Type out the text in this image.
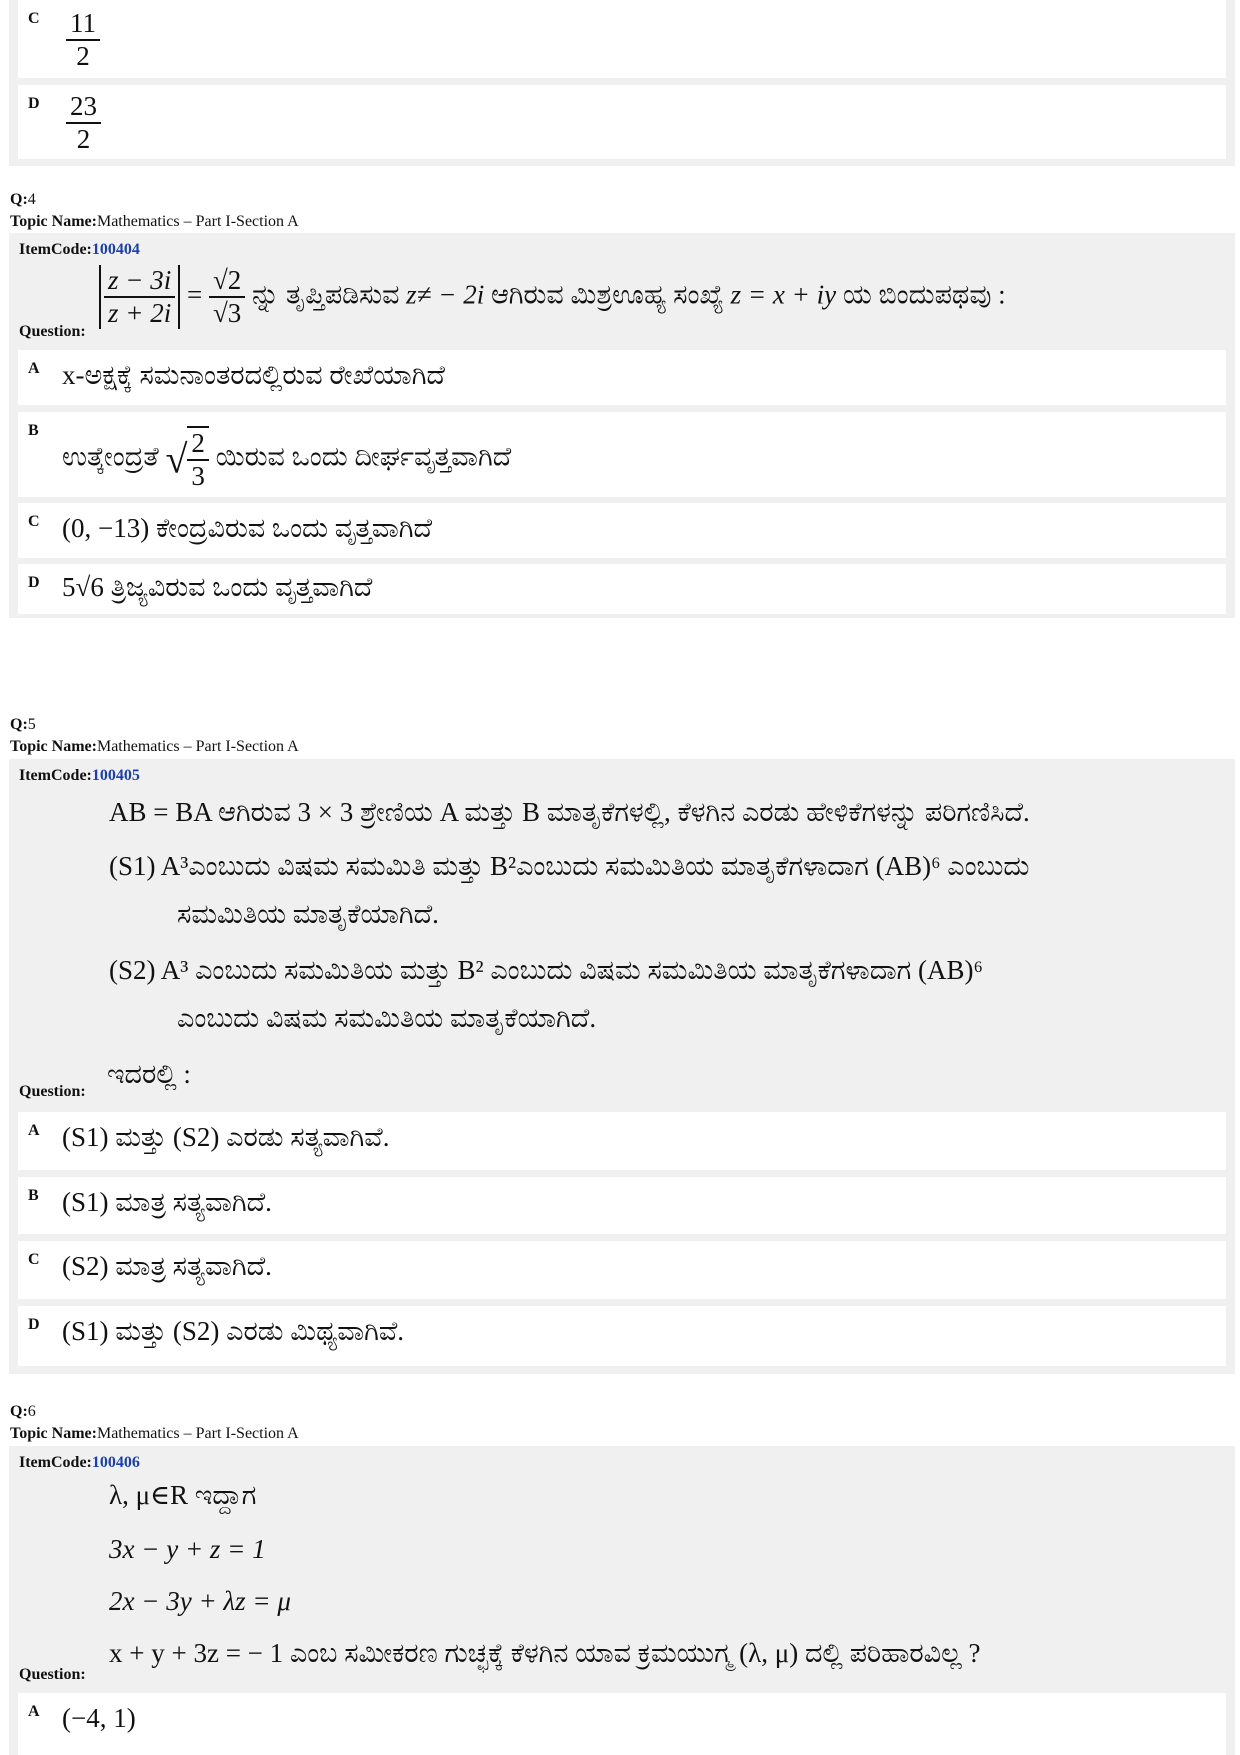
C $\frac{11}{2}$
D $\frac{23}{2}$
Q:4
Topic Name:Mathematics – Part I-Section A
ItemCode:100404
$\frac{z - 3i}{z + 2i} = \frac{√2}{√3}$ ನ್ನು ತೃಪ್ತಿಪಡಿಸುವ z≠ − 2i ಆಗಿರುವ ಮಿಶ್ರಊಹ್ಯ ಸಂಖ್ಯೆ z = x + iy ಯ ಬಿಂದುಪಥವು :
Question:
A x-ಅಕ್ಷಕ್ಕೆ ಸಮನಾಂತರದಲ್ಲಿರುವ ರೇಖೆಯಾಗಿದೆ
B
ಉತ್ಕೇಂದ್ರತೆ √ $\frac{2}{3}$ ಯಿರುವ ಒಂದು ದೀರ್ಘವೃತ್ತವಾಗಿದೆ
C (0, −13) ಕೇಂದ್ರವಿರುವ ಒಂದು ವೃತ್ತವಾಗಿದೆ
D 5√6 ತ್ರಿಜ್ಯವಿರುವ ಒಂದು ವೃತ್ತವಾಗಿದೆ
Q:5
Topic Name:Mathematics – Part I-Section A
ItemCode:100405
AB = BA ಆಗಿರುವ 3 × 3 ಶ್ರೇಣಿಯ A ಮತ್ತು B ಮಾತೃಕೆಗಳಲ್ಲಿ, ಕೆಳಗಿನ ಎರಡು ಹೇಳಿಕೆಗಳನ್ನು ಪರಿಗಣಿಸಿದೆ.
(S1) A³ಎಂಬುದು ವಿಷಮ ಸಮಮಿತಿ ಮತ್ತು B²ಎಂಬುದು ಸಮಮಿತಿಯ ಮಾತೃಕೆಗಳಾದಾಗ (AB)⁶ ಎಂಬುದು
ಸಮಮಿತಿಯ ಮಾತೃಕೆಯಾಗಿದೆ.
(S2) A³ ಎಂಬುದು ಸಮಮಿತಿಯ ಮತ್ತು B² ಎಂಬುದು ವಿಷಮ ಸಮಮಿತಿಯ ಮಾತೃಕೆಗಳಾದಾಗ (AB)⁶
ಎಂಬುದು ವಿಷಮ ಸಮಮಿತಿಯ ಮಾತೃಕೆಯಾಗಿದೆ.
ಇದರಲ್ಲಿ :
Question:
A (S1) ಮತ್ತು (S2) ಎರಡು ಸತ್ಯವಾಗಿವೆ.
B (S1) ಮಾತ್ರ ಸತ್ಯವಾಗಿದೆ.
C (S2) ಮಾತ್ರ ಸತ್ಯವಾಗಿದೆ.
D (S1) ಮತ್ತು (S2) ಎರಡು ಮಿಥ್ಯವಾಗಿವೆ.
Q:6
Topic Name:Mathematics – Part I-Section A
ItemCode:100406
λ, μ∈R ಇದ್ದಾಗ
3x − y + z = 1
2x − 3y + λz = μ
x + y + 3z = − 1 ಎಂಬ ಸಮೀಕರಣ ಗುಚ್ಛಕ್ಕೆ ಕೆಳಗಿನ ಯಾವ ಕ್ರಮಯುಗ್ಮ (λ, μ) ದಲ್ಲಿ ಪರಿಹಾರವಿಲ್ಲ ?
Question:
A (−4, 1)
